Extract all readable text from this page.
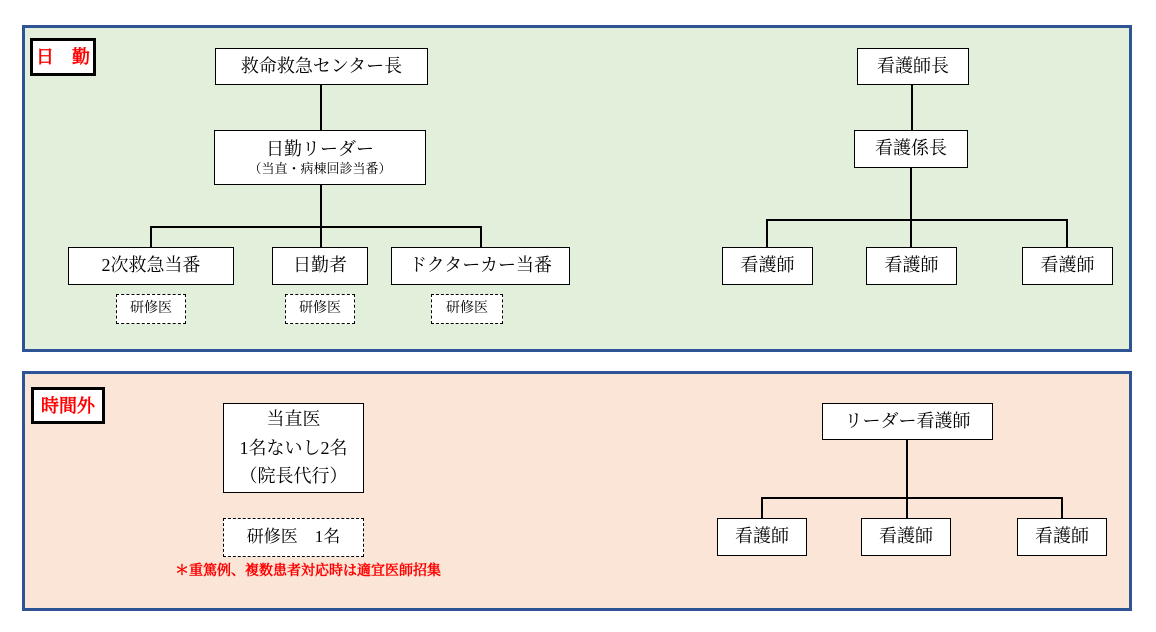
日　勤	救命救急センター長
日勤リーダー
（当直・病棟回診当番）
2次救急当番	日勤者	ドクターカー当番
研修医	研修医	研修医
看護師長
看護係長
看護師	看護師	看護師
時間外
当直医
1名ないし2名
（院長代行）
研修医　1名
＊重篤例、複数患者対応時は適宜医師招集
リーダー看護師
看護師	看護師	看護師
